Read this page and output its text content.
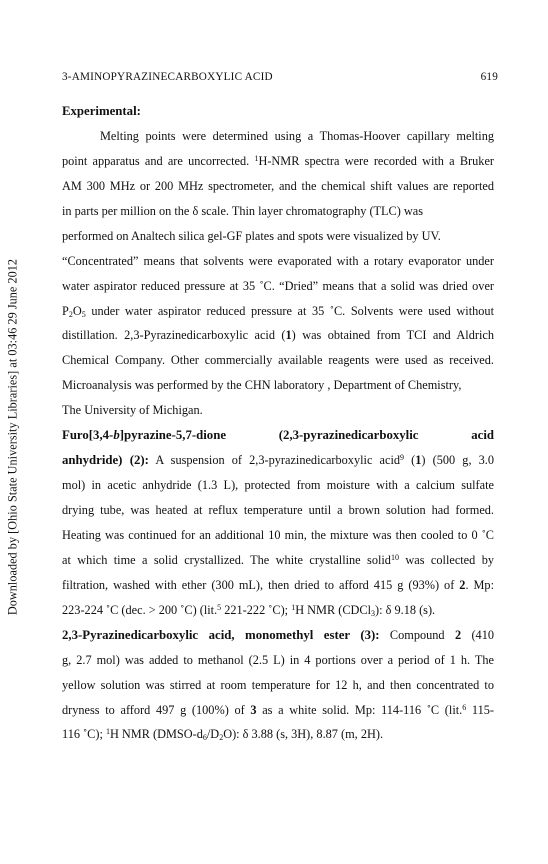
Downloaded by [Ohio State University Libraries] at 03:46 29 June 2012
3-AMINOPYRAZINECARBOXYLIC ACID	619
Experimental:
Melting points were determined using a Thomas-Hoover capillary melting
point apparatus and are uncorrected. $^1$H-NMR spectra were recorded with a Bruker
AM 300 MHz or 200 MHz spectrometer, and the chemical shift values are reported
in parts per million on the δ scale. Thin layer chromatography (TLC) was
performed on Analtech silica gel-GF plates and spots were visualized by UV.
“Concentrated” means that solvents were evaporated with a rotary evaporator under
water aspirator reduced pressure at 35 ˚C. “Dried” means that a solid was dried over
$P_2O_5$ under water aspirator reduced pressure at 35 ˚C. Solvents were used without
distillation. 2,3-Pyrazinedicarboxylic acid (1) was obtained from TCI and Aldrich
Chemical Company. Other commercially available reagents were used as received.
Microanalysis was performed by the CHN laboratory , Department of Chemistry,
The University of Michigan.
Furo[3,4-b]pyrazine-5,7-dione (2,3-pyrazinedicarboxylic acid
anhydride) (2): A suspension of 2,3-pyrazinedicarboxylic acid$^9$ (1) (500 g, 3.0
mol) in acetic anhydride (1.3 L), protected from moisture with a calcium sulfate
drying tube, was heated at reflux temperature until a brown solution had formed.
Heating was continued for an additional 10 min, the mixture was then cooled to 0 ˚C
at which time a solid crystallized. The white crystalline solid$^{10}$ was collected by
filtration, washed with ether (300 mL), then dried to afford 415 g (93%) of 2. Mp:
223-224 ˚C (dec. > 200 ˚C) (lit.$^5$ 221-222 ˚C); $^1$H NMR (CDCl$_3$): δ 9.18 (s).
2,3-Pyrazinedicarboxylic acid, monomethyl ester (3): Compound 2 (410
g, 2.7 mol) was added to methanol (2.5 L) in 4 portions over a period of 1 h. The
yellow solution was stirred at room temperature for 12 h, and then concentrated to
dryness to afford 497 g (100%) of 3 as a white solid. Mp: 114-116 ˚C (lit.$^6$ 115-
116 ˚C); $^1$H NMR $(DMSO-d_6/D_2O)$: δ 3.88 (s, 3H), 8.87 (m, 2H).
